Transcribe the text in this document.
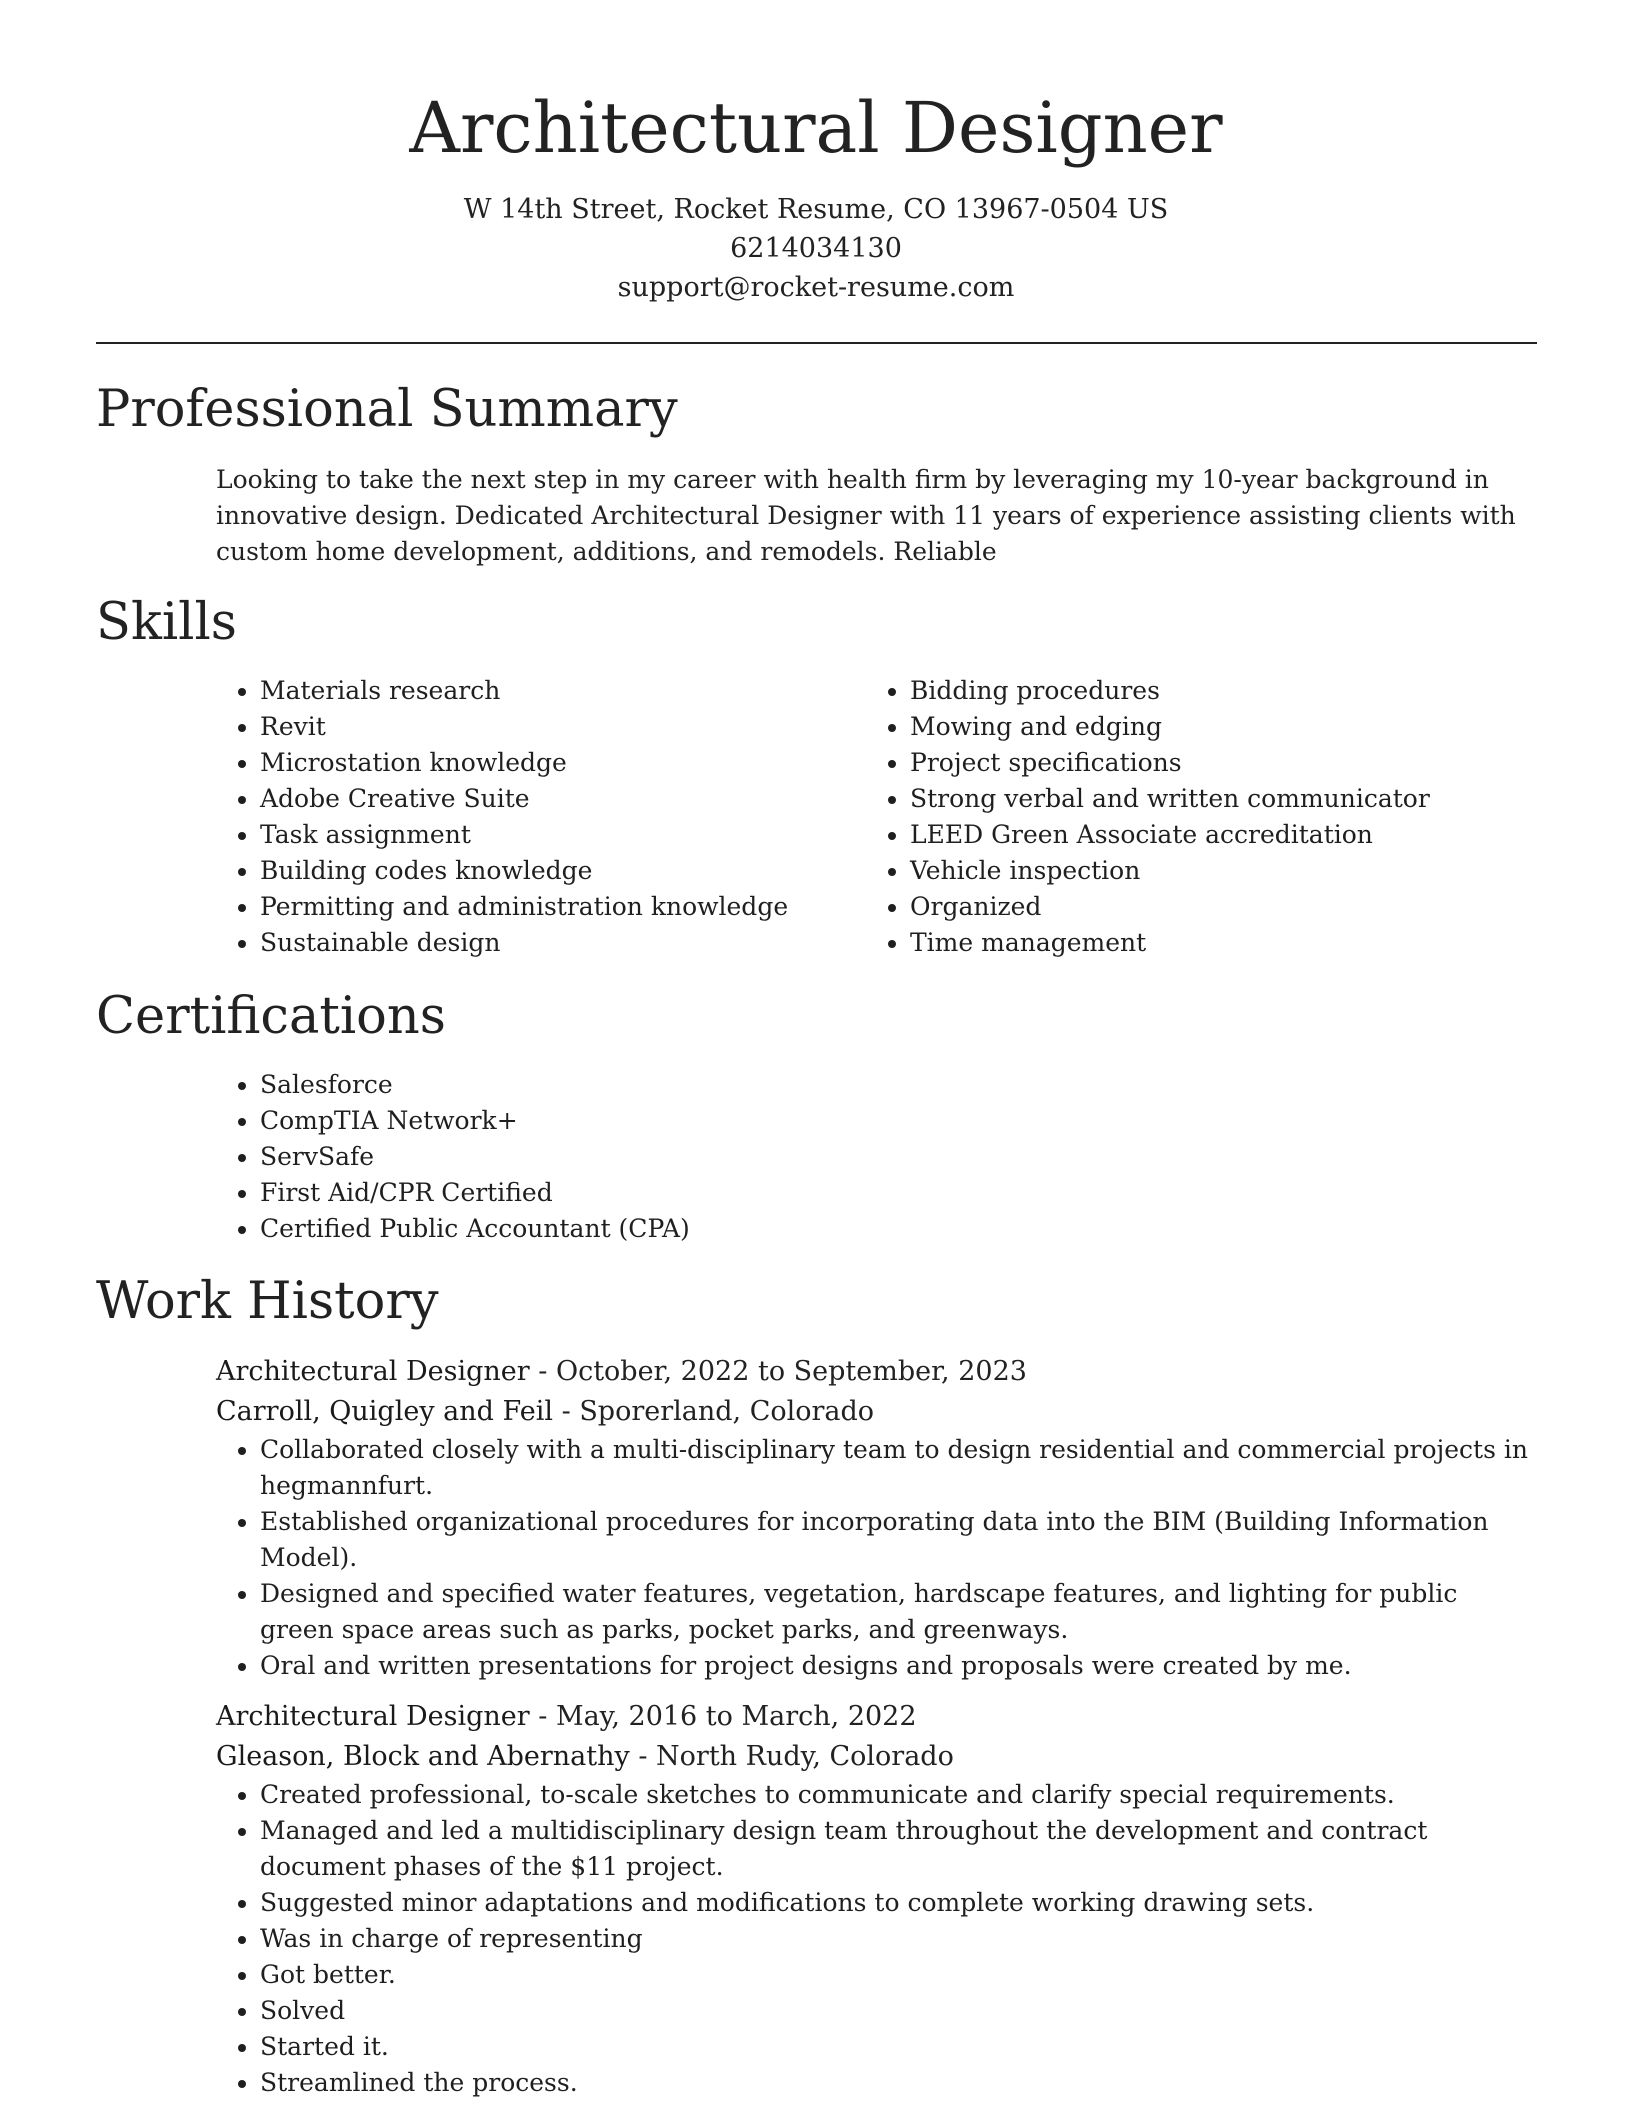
Architectural Designer
W 14th Street, Rocket Resume, CO 13967-0504 US
6214034130
support@rocket-resume.com
Professional Summary
Looking to take the next step in my career with health firm by leveraging my 10-year background in innovative design. Dedicated Architectural Designer with 11 years of experience assisting clients with custom home development, additions, and remodels. Reliable
Skills
• Materials research
• Revit
• Microstation knowledge
• Adobe Creative Suite
• Task assignment
• Building codes knowledge
• Permitting and administration knowledge
• Sustainable design
• Bidding procedures
• Mowing and edging
• Project specifications
• Strong verbal and written communicator
• LEED Green Associate accreditation
• Vehicle inspection
• Organized
• Time management
Certifications
• Salesforce
• CompTIA Network+
• ServSafe
• First Aid/CPR Certified
• Certified Public Accountant (CPA)
Work History
Architectural Designer - October, 2022 to September, 2023
Carroll, Quigley and Feil - Sporerland, Colorado
• Collaborated closely with a multi-disciplinary team to design residential and commercial projects in hegmannfurt.
• Established organizational procedures for incorporating data into the BIM (Building Information Model).
• Designed and specified water features, vegetation, hardscape features, and lighting for public green space areas such as parks, pocket parks, and greenways.
• Oral and written presentations for project designs and proposals were created by me.
Architectural Designer - May, 2016 to March, 2022
Gleason, Block and Abernathy - North Rudy, Colorado
• Created professional, to-scale sketches to communicate and clarify special requirements.
• Managed and led a multidisciplinary design team throughout the development and contract document phases of the $11 project.
• Suggested minor adaptations and modifications to complete working drawing sets.
• Was in charge of representing
• Got better.
• Solved
• Started it.
• Streamlined the process.
